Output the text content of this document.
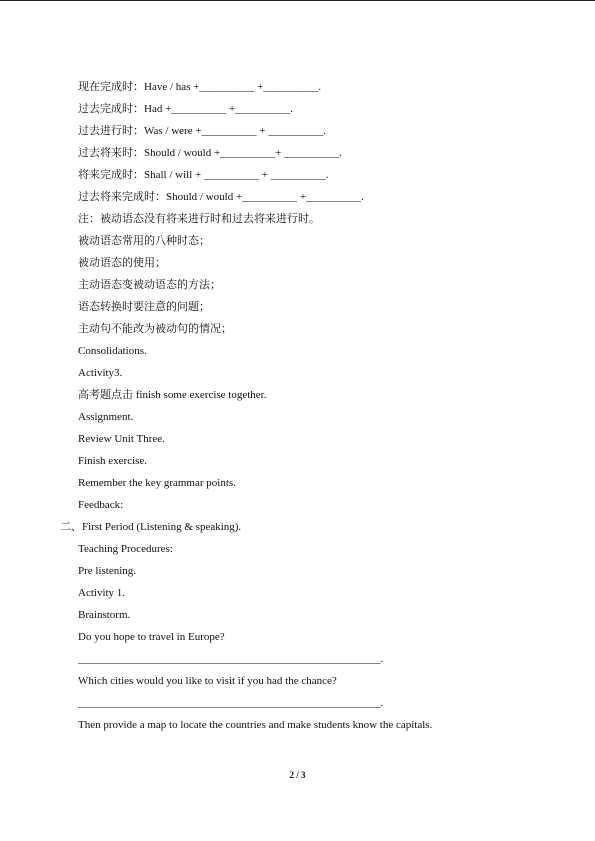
现在完成时：Have / has +__________ +__________.
过去完成时：Had +__________ +__________.
过去进行时：Was / were +__________ + __________.
过去将来时：Should / would +__________+ __________.
将来完成时：Shall / will + __________ + __________.
过去将来完成时：Should / would +__________ +__________.
注：被动语态没有将来进行时和过去将来进行时。
被动语态常用的八种时态；
被动语态的使用；
主动语态变被动语态的方法；
语态转换时要注意的问题；
主动句不能改为被动句的情况；
Consolidations.
Activity3.
高考题点击 finish some exercise together.
Assignment.
Review Unit Three.
Finish exercise.
Remember the key grammar points.
Feedback:
二、First Period (Listening & speaking).
Teaching Procedures:
Pre listening.
Activity 1.
Brainstorm.
Do you hope to travel in Europe?
_______________________________________________________.
Which cities would you like to visit if you had the chance?
_______________________________________________________.
Then provide a map to locate the countries and make students know the capitals.
2 / 3
